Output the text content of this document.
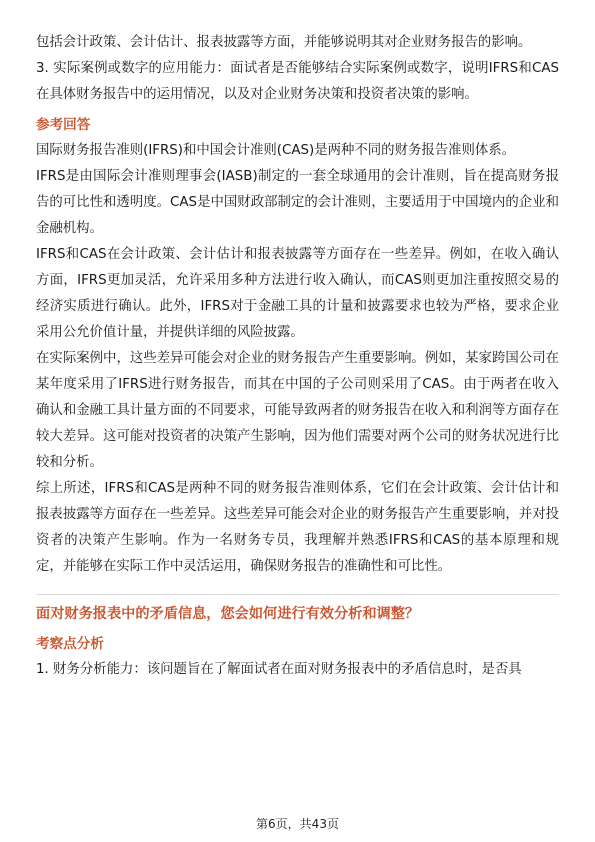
包括会计政策、会计估计、报表披露等方面，并能够说明其对企业财务报告的影响。

3. 实际案例或数字的应用能力：面试者是否能够结合实际案例或数字，说明IFRS和CAS在具体财务报告中的运用情况，以及对企业财务决策和投资者决策的影响。

参考回答

国际财务报告准则(IFRS)和中国会计准则(CAS)是两种不同的财务报告准则体系。

IFRS是由国际会计准则理事会(IASB)制定的一套全球通用的会计准则，旨在提高财务报告的可比性和透明度。CAS是中国财政部制定的会计准则，主要适用于中国境内的企业和金融机构。

IFRS和CAS在会计政策、会计估计和报表披露等方面存在一些差异。例如，在收入确认方面，IFRS更加灵活，允许采用多种方法进行收入确认，而CAS则更加注重按照交易的经济实质进行确认。此外，IFRS对于金融工具的计量和披露要求也较为严格，要求企业采用公允价值计量，并提供详细的风险披露。

在实际案例中，这些差异可能会对企业的财务报告产生重要影响。例如，某家跨国公司在某年度采用了IFRS进行财务报告，而其在中国的子公司则采用了CAS。由于两者在收入确认和金融工具计量方面的不同要求，可能导致两者的财务报告在收入和利润等方面存在较大差异。这可能对投资者的决策产生影响，因为他们需要对两个公司的财务状况进行比较和分析。

综上所述，IFRS和CAS是两种不同的财务报告准则体系，它们在会计政策、会计估计和报表披露等方面存在一些差异。这些差异可能会对企业的财务报告产生重要影响，并对投资者的决策产生影响。作为一名财务专员，我理解并熟悉IFRS和CAS的基本原理和规定，并能够在实际工作中灵活运用，确保财务报告的准确性和可比性。

面对财务报表中的矛盾信息，您会如何进行有效分析和调整？
考察点分析

1. 财务分析能力：该问题旨在了解面试者在面对财务报表中的矛盾信息时，是否具

第6页，共43页
